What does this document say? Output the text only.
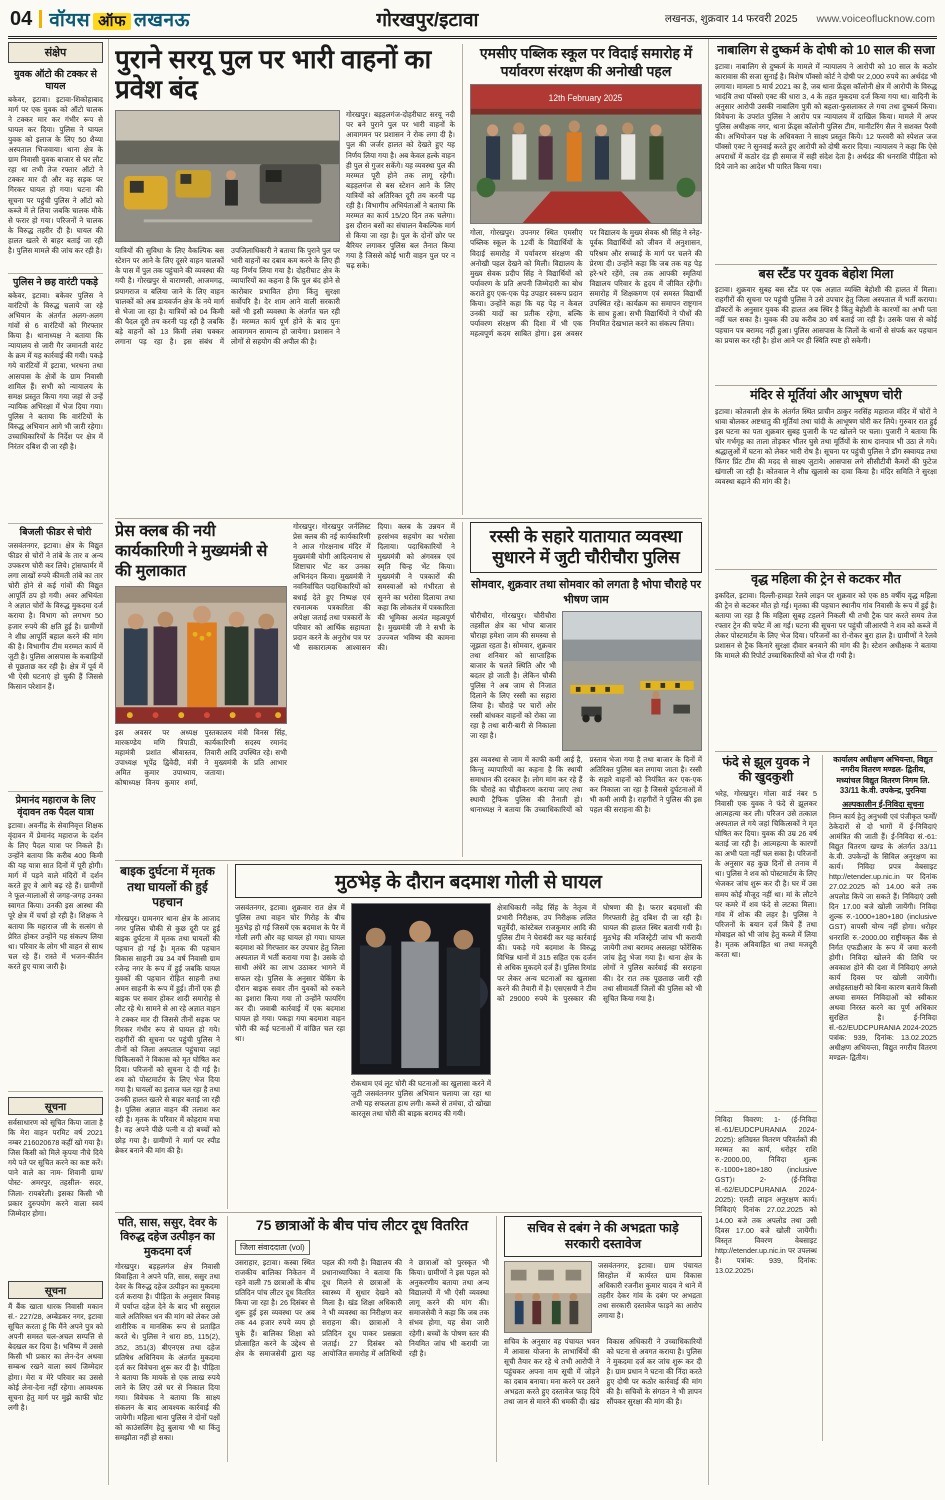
04 वॉयस ऑफ लखनऊ	गोरखपुर/इटावा	लखनऊ, शुक्रवार 14 फरवरी 2025 www.voiceoflucknow.com
संक्षेप
युवक ऑटो की टक्कर से घायल

बकेवर, इटावा। इटावा-शिकोहाबाद मार्ग पर एक युवक को ऑटो चालक ने टक्कर मार कर गंभीर रूप से घायल कर दिया। पुलिस ने घायल युवक को इलाज के लिए 50 शैय्या अस्पताल भिजवाया। थाना क्षेत्र के ग्राम निवासी युवक बाजार से घर लौट रहा था तभी तेज रफ्तार ऑटो ने टक्कर मार दी और वह सड़क पर गिरकर घायल हो गया। घटना की सूचना पर पहुंची पुलिस ने ऑटो को कब्जे में ले लिया जबकि चालक मौके से फरार हो गया। परिजनों ने चालक के विरुद्ध तहरीर दी है। घायल की हालत खतरे से बाहर बताई जा रही है। पुलिस मामले की जांच कर रही है।

पुलिस ने छह वारंटी पकड़े

बकेवर, इटावा। बकेवर पुलिस ने वारंटियों के विरुद्ध चलाये जा रहे अभियान के अंतर्गत अलग-अलग गांवों से 6 वारंटियों को गिरफ्तार किया है। थानाध्यक्ष ने बताया कि न्यायालय से जारी गैर जमानती वारंट के क्रम में यह कार्रवाई की गयी। पकड़े गये वारंटियों में इटावा, भरथना तथा आसपास के क्षेत्रों के ग्राम निवासी शामिल हैं। सभी को न्यायालय के समक्ष प्रस्तुत किया गया जहां से उन्हें न्यायिक अभिरक्षा में भेज दिया गया। पुलिस ने बताया कि वारंटियों के विरुद्ध अभियान आगे भी जारी रहेगा। उच्चाधिकारियों के निर्देश पर क्षेत्र में निरंतर दबिश दी जा रही है।

बिजली फीडर से चोरी

जसवंतनगर, इटावा। क्षेत्र के विद्युत फीडर से चोरों ने तांबे के तार व अन्य उपकरण चोरी कर लिये। ट्रांसफार्मर में लगा लाखों रुपये कीमती तांबे का तार चोरी होने से कई गांवों की विद्युत आपूर्ति ठप हो गयी। अवर अभियंता ने अज्ञात चोरों के विरुद्ध मुकदमा दर्ज कराया है। विभाग को लगभग 50 हजार रुपये की क्षति हुई है। ग्रामीणों ने शीघ्र आपूर्ति बहाल करने की मांग की है। विभागीय टीम मरम्मत कार्य में जुटी है। पुलिस आसपास के कबाड़ियों से पूछताछ कर रही है। क्षेत्र में पूर्व में भी ऐसी घटनाएं हो चुकी हैं जिससे किसान परेशान हैं।

प्रेमानंद महाराज के लिए वृंदावन तक पैदल यात्रा

इटावा। अवनींद्र के सेवानिवृत्त शिक्षक वृंदावन में प्रेमानंद महाराज के दर्शन के लिए पैदल यात्रा पर निकले हैं। उन्होंने बताया कि करीब 400 किमी की यह यात्रा सात दिनों में पूरी होगी। मार्ग में पड़ने वाले मंदिरों में दर्शन करते हुए वे आगे बढ़ रहे हैं। ग्रामीणों ने फूल-मालाओं से जगह-जगह उनका स्वागत किया। उनकी इस आस्था की पूरे क्षेत्र में चर्चा हो रही है। शिक्षक ने बताया कि महाराज जी के सत्संग से प्रेरित होकर उन्होंने यह संकल्प लिया था। परिवार के लोग भी वाहन से साथ चल रहे हैं। रास्ते में भजन-कीर्तन करते हुए यात्रा जारी है।

सूचना

सर्वसाधारण को सूचित किया जाता है कि मेरा वाहन परमिट वर्ष 2021 नम्बर 216020678 कहीं खो गया है। जिस किसी को मिले कृपया नीचे दिये गये पते पर सूचित करने का कष्ट करें। पाने वाले का नाम- शिवानी ग्राम/पोस्ट- अमरपुर, तहसील- सदर, जिला- रायबरेली। इसका किसी भी प्रकार दुरुपयोग करने वाला स्वयं जिम्मेदार होगा।

सूचना

मैं बैंक खाता धारक निवासी मकान सं.- 227/28, अम्बेडकर नगर, इटावा सूचित करता हूं कि मैंने अपने पुत्र को अपनी समस्त चल-अचल सम्पत्ति से बेदखल कर दिया है। भविष्य में उससे किसी भी प्रकार का लेन-देन अथवा सम्बन्ध रखने वाला स्वयं जिम्मेदार होगा। मेरा व मेरे परिवार का उससे कोई लेना-देना नहीं रहेगा। आवश्यक सूचना हेतु मार्ग पर मुझे काफी चोट लगी है।

पुराने सरयू पुल पर भारी वाहनों का प्रवेश बंद

यात्रियों की सुविधा के लिए वैकल्पिक बस स्टेशन पर आने के लिए दूसरे वाहन चालकों के पास में पुल तक पहुंचाने की व्यवस्था की गयी है। गोरखपुर से वाराणसी, आजमगढ़, प्रयागराज व बलिया जाने के लिए वाहन चालकों को अब डायवर्जन क्षेत्र के नये मार्ग से भेजा जा रहा है। यात्रियों को 04 किमी की पैदल दूरी तय करनी पड़ रही है जबकि बड़े वाहनों को 13 किमी लंबा चक्कर लगाना पड़ रहा है। इस संबंध में उपजिलाधिकारी ने बताया कि पुराने पुल पर भारी वाहनों का दबाव कम करने के लिए ही यह निर्णय लिया गया है। दोहरीघाट क्षेत्र के व्यापारियों का कहना है कि पुल बंद होने से कारोबार प्रभावित होगा किंतु सुरक्षा सर्वोपरि है। देर शाम आने वाली सरकारी बसें भी इसी व्यवस्था के अंतर्गत चल रही हैं। मरम्मत कार्य पूर्ण होने के बाद पुनः आवागमन सामान्य हो जायेगा। प्रशासन ने लोगों से सहयोग की अपील की है।

गोरखपुर। बड़हलगंज-दोहरीघाट सरयू नदी पर बने पुराने पुल पर भारी वाहनों के आवागमन पर प्रशासन ने रोक लगा दी है। पुल की जर्जर हालत को देखते हुए यह निर्णय लिया गया है। अब केवल हल्के वाहन ही पुल से गुजर सकेंगे। यह व्यवस्था पुल की मरम्मत पूरी होने तक लागू रहेगी। बड़हलगंज से बस स्टेशन आने के लिए यात्रियों को अतिरिक्त दूरी तय करनी पड़ रही है। विभागीय अभियंताओं ने बताया कि मरम्मत का कार्य 15/20 दिन तक चलेगा। इस दौरान बसों का संचालन वैकल्पिक मार्ग से किया जा रहा है। पुल के दोनों छोर पर बैरियर लगाकर पुलिस बल तैनात किया गया है जिससे कोई भारी वाहन पुल पर न चढ़ सके।

एमसीए पब्लिक स्कूल पर विदाई समारोह में पर्यावरण संरक्षण की अनोखी पहल
12th February 2025

गोला, गोरखपुर। उपनगर स्थित एमसीए पब्लिक स्कूल के 12वीं के विद्यार्थियों के विदाई समारोह में पर्यावरण संरक्षण की अनोखी पहल देखने को मिली। विद्यालय के मुख्य सेवक प्रदीप सिंह ने विद्यार्थियों को पर्यावरण के प्रति अपनी जिम्मेदारी का बोध कराते हुए एक-एक पेड़ उपहार स्वरूप प्रदान किया। उन्होंने कहा कि यह पेड़ न केवल उनकी यादों का प्रतीक रहेगा, बल्कि पर्यावरण संरक्षण की दिशा में भी एक महत्वपूर्ण कदम साबित होगा। इस अवसर पर विद्यालय के मुख्य सेवक श्री सिंह ने स्नेह-पूर्वक विद्यार्थियों को जीवन में अनुशासन, परिश्रम और सच्चाई के मार्ग पर चलने की प्रेरणा दी। उन्होंने कहा कि जब तक यह पेड़ हरे-भरे रहेंगे, तब तक आपकी स्मृतियां विद्यालय परिवार के हृदय में जीवित रहेंगी। समारोह में शिक्षकगण एवं समस्त विद्यार्थी उपस्थित रहे। कार्यक्रम का समापन राष्ट्रगान के साथ हुआ। सभी विद्यार्थियों ने पौधों की नियमित देखभाल करने का संकल्प लिया।

प्रेस क्लब की नयी कार्यकारिणी ने मुख्यमंत्री से की मुलाकात

इस अवसर पर अध्यक्ष मारकण्डेय मणि त्रिपाठी, महामंत्री प्रशांत श्रीवास्तव, उपाध्यक्ष भूपेंद्र द्विवेदी, मंत्री अमित कुमार उपाध्याय, कोषाध्यक्ष विनय कुमार शर्मा, पुस्तकालय मंत्री विनस सिंह, कार्यकारिणी सदस्य रमानंद तिवारी आदि उपस्थित रहे। सभी ने मुख्यमंत्री के प्रति आभार जताया।

गोरखपुर। गोरखपुर जर्नलिस्ट प्रेस क्लब की नई कार्यकारिणी ने आज गोरक्षनाथ मंदिर में मुख्यमंत्री योगी आदित्यनाथ से शिष्टाचार भेंट कर उनका अभिनंदन किया। मुख्यमंत्री ने नवनिर्वाचित पदाधिकारियों को बधाई देते हुए निष्पक्ष एवं रचनात्मक पत्रकारिता की अपेक्षा जताई तथा पत्रकारों के परिवार को आर्थिक सहायता प्रदान करने के अनुरोध पत्र पर भी सकारात्मक आश्वासन दिया। क्लब के उन्नयन में हरसंभव सहयोग का भरोसा दिलाया। पदाधिकारियों ने मुख्यमंत्री को अंगवस्त्र एवं स्मृति चिन्ह भेंट किया। मुख्यमंत्री ने पत्रकारों की समस्याओं को गंभीरता से सुनने का भरोसा दिलाया तथा कहा कि लोकतंत्र में पत्रकारिता की भूमिका अत्यंत महत्वपूर्ण है। मुख्यमंत्री जी ने सभी के उज्ज्वल भविष्य की कामना की।

रस्सी के सहारे यातायात व्यवस्था सुधारने में जुटी चौरीचौरा पुलिस
सोमवार, शुक्रवार तथा सोमवार को लगता है भोपा चौराहे पर भीषण जाम

चौरीचौरा, गोरखपुर। चौरीचौरा तहसील क्षेत्र का भोपा बाजार चौराहा हमेशा जाम की समस्या से जूझता रहता है। सोमवार, शुक्रवार तथा शनिवार को साप्ताहिक बाजार के चलते स्थिति और भी बदतर हो जाती है। लेकिन चौकी पुलिस ने अब जाम से निजात दिलाने के लिए रस्सी का सहारा लिया है। चौराहे पर चारों ओर रस्सी बांधकर वाहनों को रोका जा रहा है तथा बारी-बारी से निकाला जा रहा है।

इस व्यवस्था से जाम में काफी कमी आई है, किन्तु व्यापारियों का कहना है कि स्थायी समाधान की दरकार है। लोग मांग कर रहे हैं कि चौराहे का चौड़ीकरण कराया जाए तथा स्थायी ट्रैफिक पुलिस की तैनाती हो। थानाध्यक्ष ने बताया कि उच्चाधिकारियों को प्रस्ताव भेजा गया है तथा बाजार के दिनों में अतिरिक्त पुलिस बल लगाया जाता है। रस्सी के सहारे वाहनों को नियंत्रित कर एक-एक कर निकाला जा रहा है जिससे दुर्घटनाओं में भी कमी आयी है। राहगीरों ने पुलिस की इस पहल की सराहना की है।

बाइक दुर्घटना में मृतक तथा घायलों की हुई पहचान

गोरखपुर। ग्रामनगर थाना क्षेत्र के आजाद नगर पुलिस चौकी से कुछ दूरी पर हुई बाइक दुर्घटना में मृतक तथा घायलों की पहचान हो गई है। मृतक की पहचान विकास साहनी उम्र 34 वर्ष निवासी ग्राम रजेन्द्र नगर के रूप में हुई जबकि घायल युवकों की पहचान रोहित साहनी तथा अमन साहनी के रूप में हुई। तीनों एक ही बाइक पर सवार होकर शादी समारोह से लौट रहे थे। सामने से आ रहे अज्ञात वाहन ने टक्कर मार दी जिससे तीनों सड़क पर गिरकर गंभीर रूप से घायल हो गये। राहगीरों की सूचना पर पहुंची पुलिस ने तीनों को जिला अस्पताल पहुंचाया जहां चिकित्सकों ने विकास को मृत घोषित कर दिया। परिजनों को सूचना दे दी गई है। शव को पोस्टमार्टम के लिए भेज दिया गया है। घायलों का इलाज चल रहा है तथा उनकी हालत खतरे से बाहर बताई जा रही है। पुलिस अज्ञात वाहन की तलाश कर रही है। मृतक के परिवार में कोहराम मचा है। वह अपने पीछे पत्नी व दो बच्चों को छोड़ गया है। ग्रामीणों ने मार्ग पर स्पीड ब्रेकर बनाने की मांग की है।

मुठभेड़ के दौरान बदमाश गोली से घायल

जसवंतनगर, इटावा। शुक्रवार रात क्षेत्र में पुलिस तथा वाहन चोर गिरोह के बीच मुठभेड़ हो गई जिसमें एक बदमाश के पैर में गोली लगी और वह घायल हो गया। घायल बदमाश को गिरफ्तार कर उपचार हेतु जिला अस्पताल में भर्ती कराया गया है। उसके दो साथी अंधेरे का लाभ उठाकर भागने में सफल रहे। पुलिस के अनुसार चेकिंग के दौरान बाइक सवार तीन युवकों को रुकने का इशारा किया गया तो उन्होंने फायरिंग कर दी। जवाबी कार्रवाई में एक बदमाश घायल हो गया। पकड़ा गया बदमाश वाहन चोरी की कई घटनाओं में वांछित चल रहा था।

रोकथाम एवं लूट चोरी की घटनाओं का खुलासा करने में जुटी जसवंतनगर पुलिस अभियान चलाया जा रहा था तभी यह सफलता हाथ लगी। कब्जे से तमंचा, दो खोखा कारतूस तथा चोरी की बाइक बरामद की गयी।

क्षेत्राधिकारी नवेंद्र सिंह के नेतृत्व में प्रभारी निरीक्षक, उप निरीक्षक ललित चतुर्वेदी, कांस्टेबल राजकुमार आदि की पुलिस टीम ने घेराबंदी कर यह कार्रवाई की। पकड़े गये बदमाश के विरुद्ध विभिन्न थानों में 315 सहित एक दर्जन से अधिक मुकदमे दर्ज हैं। पुलिस रिमांड पर लेकर अन्य घटनाओं का खुलासा करने की तैयारी में है। एसएसपी ने टीम को 29000 रुपये के पुरस्कार की घोषणा की है। फरार बदमाशों की गिरफ्तारी हेतु दबिश दी जा रही है। घायल की हालत स्थिर बतायी गयी है। मुठभेड़ की मजिस्ट्रेटी जांच भी करायी जायेगी तथा बरामद असलहा फोरेंसिक जांच हेतु भेजा गया है। थाना क्षेत्र के लोगों ने पुलिस कार्रवाई की सराहना की। देर रात तक पूछताछ जारी रही तथा सीमावर्ती जिलों की पुलिस को भी सूचित किया गया है।

पति, सास, ससुर, देवर के विरुद्ध दहेज उत्पीड़न का मुकदमा दर्ज

गोरखपुर। बड़हलगंज क्षेत्र निवासी विवाहिता ने अपने पति, सास, ससुर तथा देवर के विरुद्ध दहेज उत्पीड़न का मुकदमा दर्ज कराया है। पीड़िता के अनुसार विवाह में पर्याप्त दहेज देने के बाद भी ससुराल वाले अतिरिक्त धन की मांग को लेकर उसे शारीरिक व मानसिक रूप से प्रताड़ित करते थे। पुलिस ने धारा 85, 115(2), 352, 351(3) बीएनएस तथा दहेज प्रतिषेध अधिनियम के अंतर्गत मुकदमा दर्ज कर विवेचना शुरू कर दी है। पीड़िता ने बताया कि मायके से एक लाख रुपये लाने के लिए उसे घर से निकाल दिया गया। विवेचक ने बताया कि साक्ष्य संकलन के बाद आवश्यक कार्रवाई की जायेगी। महिला थाना पुलिस ने दोनों पक्षों को काउंसलिंग हेतु बुलाया भी था किंतु समझौता नहीं हो सका।

75 छात्राओं के बीच पांच लीटर दूध वितरित
जिला संवाददाता (vol)

उसराहार, इटावा। कस्बा स्थित राजकीय बालिका निकेतन में रहने वाली 75 छात्राओं के बीच प्रतिदिन पांच लीटर दूध वितरित किया जा रहा है। 26 दिसंबर से शुरू हुई इस व्यवस्था पर अब तक 44 हजार रुपये व्यय हो चुके हैं। बालिका शिक्षा को प्रोत्साहित करने के उद्देश्य से क्षेत्र के समाजसेवी द्वारा यह पहल की गयी है। विद्यालय की प्रधानाध्यापिका ने बताया कि दूध मिलने से छात्राओं के स्वास्थ्य में सुधार देखने को मिला है। खंड शिक्षा अधिकारी ने भी व्यवस्था का निरीक्षण कर सराहना की। छात्राओं ने प्रतिदिन दूध पाकर प्रसन्नता जताई। 27 दिसंबर को आयोजित समारोह में अतिथियों ने छात्राओं को पुरस्कृत भी किया। ग्रामीणों ने इस पहल को अनुकरणीय बताया तथा अन्य विद्यालयों में भी ऐसी व्यवस्था लागू करने की मांग की। समाजसेवी ने कहा कि जब तक संभव होगा, यह सेवा जारी रहेगी। बच्चों के पोषण स्तर की नियमित जांच भी करायी जा रही है।

सचिव से दबंग ने की अभद्रता फाड़े सरकारी दस्तावेज

जसवंतनगर, इटावा। ग्राम पंचायत सिरहोल में कार्यरत ग्राम विकास अधिकारी रजनीश कुमार यादव ने थाने में तहरीर देकर गांव के दबंग पर अभद्रता तथा सरकारी दस्तावेज फाड़ने का आरोप लगाया है।

सचिव के अनुसार वह पंचायत भवन में आवास योजना के लाभार्थियों की सूची तैयार कर रहे थे तभी आरोपी ने पहुंचकर अपना नाम सूची में जोड़ने का दबाव बनाया। मना करने पर उसने अभद्रता करते हुए दस्तावेज फाड़ दिये तथा जान से मारने की धमकी दी। खंड विकास अधिकारी ने उच्चाधिकारियों को घटना से अवगत कराया है। पुलिस ने मुकदमा दर्ज कर जांच शुरू कर दी है। ग्राम प्रधान ने घटना की निंदा करते हुए दोषी पर कठोर कार्रवाई की मांग की है। सचिवों के संगठन ने भी ज्ञापन सौंपकर सुरक्षा की मांग की है।

नाबालिग से दुष्कर्म के दोषी को 10 साल की सजा

इटावा। नाबालिग से दुष्कर्म के मामले में न्यायालय ने आरोपी को 10 साल के कठोर कारावास की सजा सुनाई है। विशेष पॉक्सो कोर्ट ने दोषी पर 2,000 रुपये का अर्थदंड भी लगाया। मामला 5 मार्च 2021 का है, जब थाना फ्रेंड्स कॉलोनी क्षेत्र में आरोपी के विरुद्ध भादंवि तथा पॉक्सो एक्ट की धारा 3, 4 के तहत मुकदमा दर्ज किया गया था। वादिनी के अनुसार आरोपी उसकी नाबालिग पुत्री को बहला-फुसलाकर ले गया तथा दुष्कर्म किया। विवेचना के उपरांत पुलिस ने आरोप पत्र न्यायालय में दाखिल किया। मामले में अपर पुलिस अधीक्षक नगर, थाना फ्रेंड्स कॉलोनी पुलिस टीम, मानीटरिंग सैल ने सशक्त पैरवी की। अभियोजन पक्ष के अधिवक्ता ने साक्ष्य प्रस्तुत किये। 12 फरवरी को स्पेशल जज पॉक्सो एक्ट ने सुनवाई करते हुए आरोपी को दोषी करार दिया। न्यायालय ने कहा कि ऐसे अपराधों में कठोर दंड ही समाज में सही संदेश देता है। अर्थदंड की धनराशि पीड़िता को दिये जाने का आदेश भी पारित किया गया।

बस स्टैंड पर युवक बेहोश मिला

इटावा। शुक्रवार सुबह बस स्टैंड पर एक अज्ञात व्यक्ति बेहोशी की हालत में मिला। राहगीरों की सूचना पर पहुंची पुलिस ने उसे उपचार हेतु जिला अस्पताल में भर्ती कराया। डॉक्टरों के अनुसार युवक की हालत अब स्थिर है किंतु बेहोशी के कारणों का अभी पता नहीं चल सका है। युवक की उम्र करीब 30 वर्ष बताई जा रही है। उसके पास से कोई पहचान पत्र बरामद नहीं हुआ। पुलिस आसपास के जिलों के थानों से संपर्क कर पहचान का प्रयास कर रही है। होश आने पर ही स्थिति स्पष्ट हो सकेगी।

मंदिर से मूर्तियां और आभूषण चोरी

इटावा। कोतवाली क्षेत्र के अंतर्गत स्थित प्राचीन ठाकुर नरसिंह महाराज मंदिर में चोरों ने धावा बोलकर अष्टधातु की मूर्तियां तथा चांदी के आभूषण चोरी कर लिये। गुरुवार रात हुई इस घटना का पता शुक्रवार सुबह पुजारी के पट खोलने पर चला। पुजारी ने बताया कि चोर गर्भगृह का ताला तोड़कर भीतर घुसे तथा मूर्तियों के साथ दानपात्र भी उठा ले गये। श्रद्धालुओं में घटना को लेकर भारी रोष है। सूचना पर पहुंची पुलिस ने डॉग स्क्वायड तथा फिंगर प्रिंट टीम की मदद से साक्ष्य जुटाये। आसपास लगे सीसीटीवी कैमरों की फुटेज खंगाली जा रही है। कोतवाल ने शीघ्र खुलासे का दावा किया है। मंदिर समिति ने सुरक्षा व्यवस्था बढ़ाने की मांग की है।

वृद्ध महिला की ट्रेन से कटकर मौत

इकदिल, इटावा। दिल्ली-हावड़ा रेलवे लाइन पर शुक्रवार को एक 85 वर्षीय वृद्ध महिला की ट्रेन से कटकर मौत हो गई। मृतका की पहचान स्थानीय गांव निवासी के रूप में हुई है। बताया जा रहा है कि महिला सुबह टहलने निकली थी तभी ट्रैक पार करते समय तेज रफ्तार ट्रेन की चपेट में आ गई। घटना की सूचना पर पहुंची जीआरपी ने शव को कब्जे में लेकर पोस्टमार्टम के लिए भेज दिया। परिजनों का रो-रोकर बुरा हाल है। ग्रामीणों ने रेलवे प्रशासन से ट्रैक किनारे सुरक्षा दीवार बनवाने की मांग की है। स्टेशन अधीक्षक ने बताया कि मामले की रिपोर्ट उच्चाधिकारियों को भेज दी गयी है।

फंदे से झूल युवक ने की खुदकुशी

भरेह, गोरखपुर। गोला वार्ड नंबर 5 निवासी एक युवक ने फंदे से झूलकर आत्महत्या कर ली। परिजन उसे तत्काल अस्पताल ले गये जहां चिकित्सकों ने मृत घोषित कर दिया। युवक की उम्र 26 वर्ष बताई जा रही है। आत्महत्या के कारणों का अभी पता नहीं चल सका है। परिजनों के अनुसार वह कुछ दिनों से तनाव में था। पुलिस ने शव को पोस्टमार्टम के लिए भेजकर जांच शुरू कर दी है। घर में उस समय कोई मौजूद नहीं था। मां के लौटने पर कमरे में शव फंदे से लटका मिला। गांव में शोक की लहर है। पुलिस ने परिजनों के बयान दर्ज किये हैं तथा मोबाइल को भी जांच हेतु कब्जे में लिया है। मृतक अविवाहित था तथा मजदूरी करता था।

निविदा विवरण: 1- (ई-निविदा सं.-61/EUDCPURANIA 2024-2025): क्षतिग्रस्त वितरण परिवर्तकों की मरम्मत का कार्य, धरोहर राशि रु.-2000.00, निविदा शुल्क रु.-1000+180+180 (inclusive GST)। 2- (ई-निविदा सं.-62/EUDCPURANIA 2024-2025): एलटी लाइन अनुरक्षण कार्य। निविदाएं दिनांक 27.02.2025 को 14.00 बजे तक अपलोड तथा उसी दिवस 17.00 बजे खोली जायेंगी। विस्तृत विवरण वेबसाइट http://etender.up.nic.in पर उपलब्ध है। पत्रांक: 939, दिनांक: 13.02.2025।

कार्यालय अधीक्षण अभियन्ता, विद्युत नगरीय वितरण मण्डल- द्वितीय, मध्यांचल विद्युत वितरण निगम लि. 33/11 के.वी. उपकेन्द्र, पुरनिया
अल्पकालीन ई-निविदा सूचना

निम्न कार्य हेतु अनुभवी एवं पंजीकृत फर्मों/ठेकेदारों से दो भागों में ई-निविदाएं आमंत्रित की जाती हैं। ई-निविदा सं.-61: विद्युत वितरण खण्ड के अंतर्गत 33/11 के.वी. उपकेन्द्रों के सिविल अनुरक्षण का कार्य। निविदा प्रपत्र वेबसाइट http://etender.up.nic.in पर दिनांक 27.02.2025 को 14.00 बजे तक अपलोड किये जा सकते हैं। निविदाएं उसी दिन 17.00 बजे खोली जायेंगी। निविदा शुल्क रु.-1000+180+180 (inclusive GST) वापसी योग्य नहीं होगा। धरोहर धनराशि रु.-2000.00 राष्ट्रीयकृत बैंक से निर्गत एफडीआर के रूप में जमा करनी होगी। निविदा खोलने की तिथि पर अवकाश होने की दशा में निविदाएं अगले कार्य दिवस पर खोली जायेंगी। अधोहस्ताक्षरी को बिना कारण बताये किसी अथवा समस्त निविदाओं को स्वीकार अथवा निरस्त करने का पूर्ण अधिकार सुरक्षित है। ई-निविदा सं.-62/EUDCPURANIA 2024-2025 पत्रांक: 939, दिनांक: 13.02.2025 अधीक्षण अभियन्ता, विद्युत नगरीय वितरण मण्डल- द्वितीय।
